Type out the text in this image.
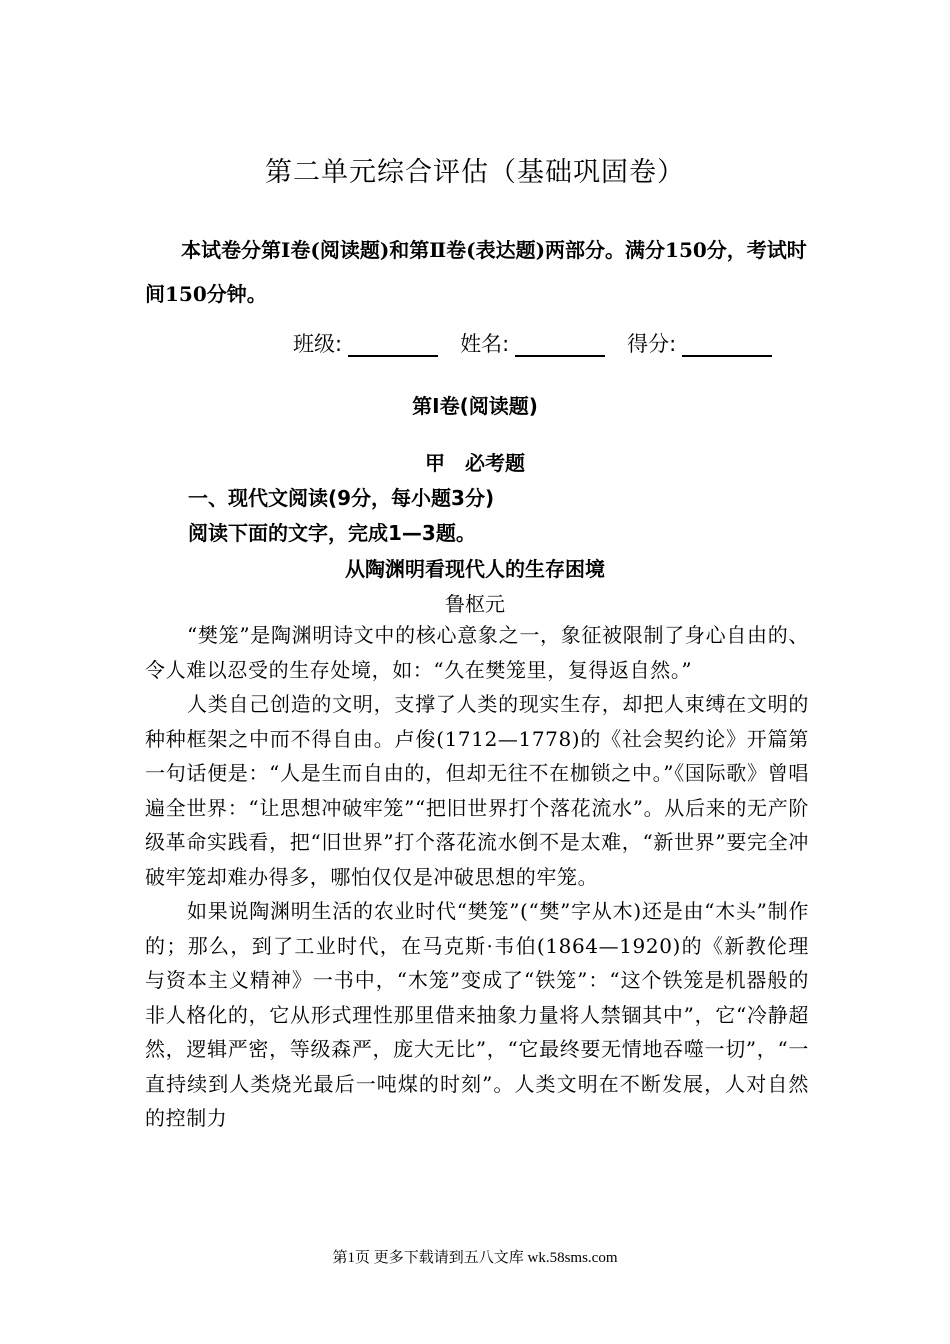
第二单元综合评估（基础巩固卷）
本试卷分第Ⅰ卷(阅读题)和第Ⅱ卷(表达题)两部分。满分150分，考试时间150分钟。
班级:	姓名:	得分:
第Ⅰ卷(阅读题)
甲　必考题
一、现代文阅读(9分，每小题3分)
阅读下面的文字，完成1—3题。
从陶渊明看现代人的生存困境
鲁枢元

“樊笼”是陶渊明诗文中的核心意象之一，象征被限制了身心自由的、令人难以忍受的生存处境，如：“久在樊笼里，复得返自然。”

人类自己创造的文明，支撑了人类的现实生存，却把人束缚在文明的种种框架之中而不得自由。卢俊(1712—1778)的《社会契约论》开篇第一句话便是：“人是生而自由的，但却无往不在枷锁之中。”《国际歌》曾唱遍全世界：“让思想冲破牢笼”“把旧世界打个落花流水”。从后来的无产阶级革命实践看，把“旧世界”打个落花流水倒不是太难，“新世界”要完全冲破牢笼却难办得多，哪怕仅仅是冲破思想的牢笼。

如果说陶渊明生活的农业时代“樊笼”(“樊”字从木)还是由“木头”制作的；那么，到了工业时代，在马克斯·韦伯(1864—1920)的《新教伦理与资本主义精神》一书中，“木笼”变成了“铁笼”：“这个铁笼是机器般的非人格化的，它从形式理性那里借来抽象力量将人禁锢其中”，它“冷静超然，逻辑严密，等级森严，庞大无比”，“它最终要无情地吞噬一切”，“一直持续到人类烧光最后一吨煤的时刻”。人类文明在不断发展，人对自然的控制力

第1页 更多下载请到五八文库 wk.58sms.com
